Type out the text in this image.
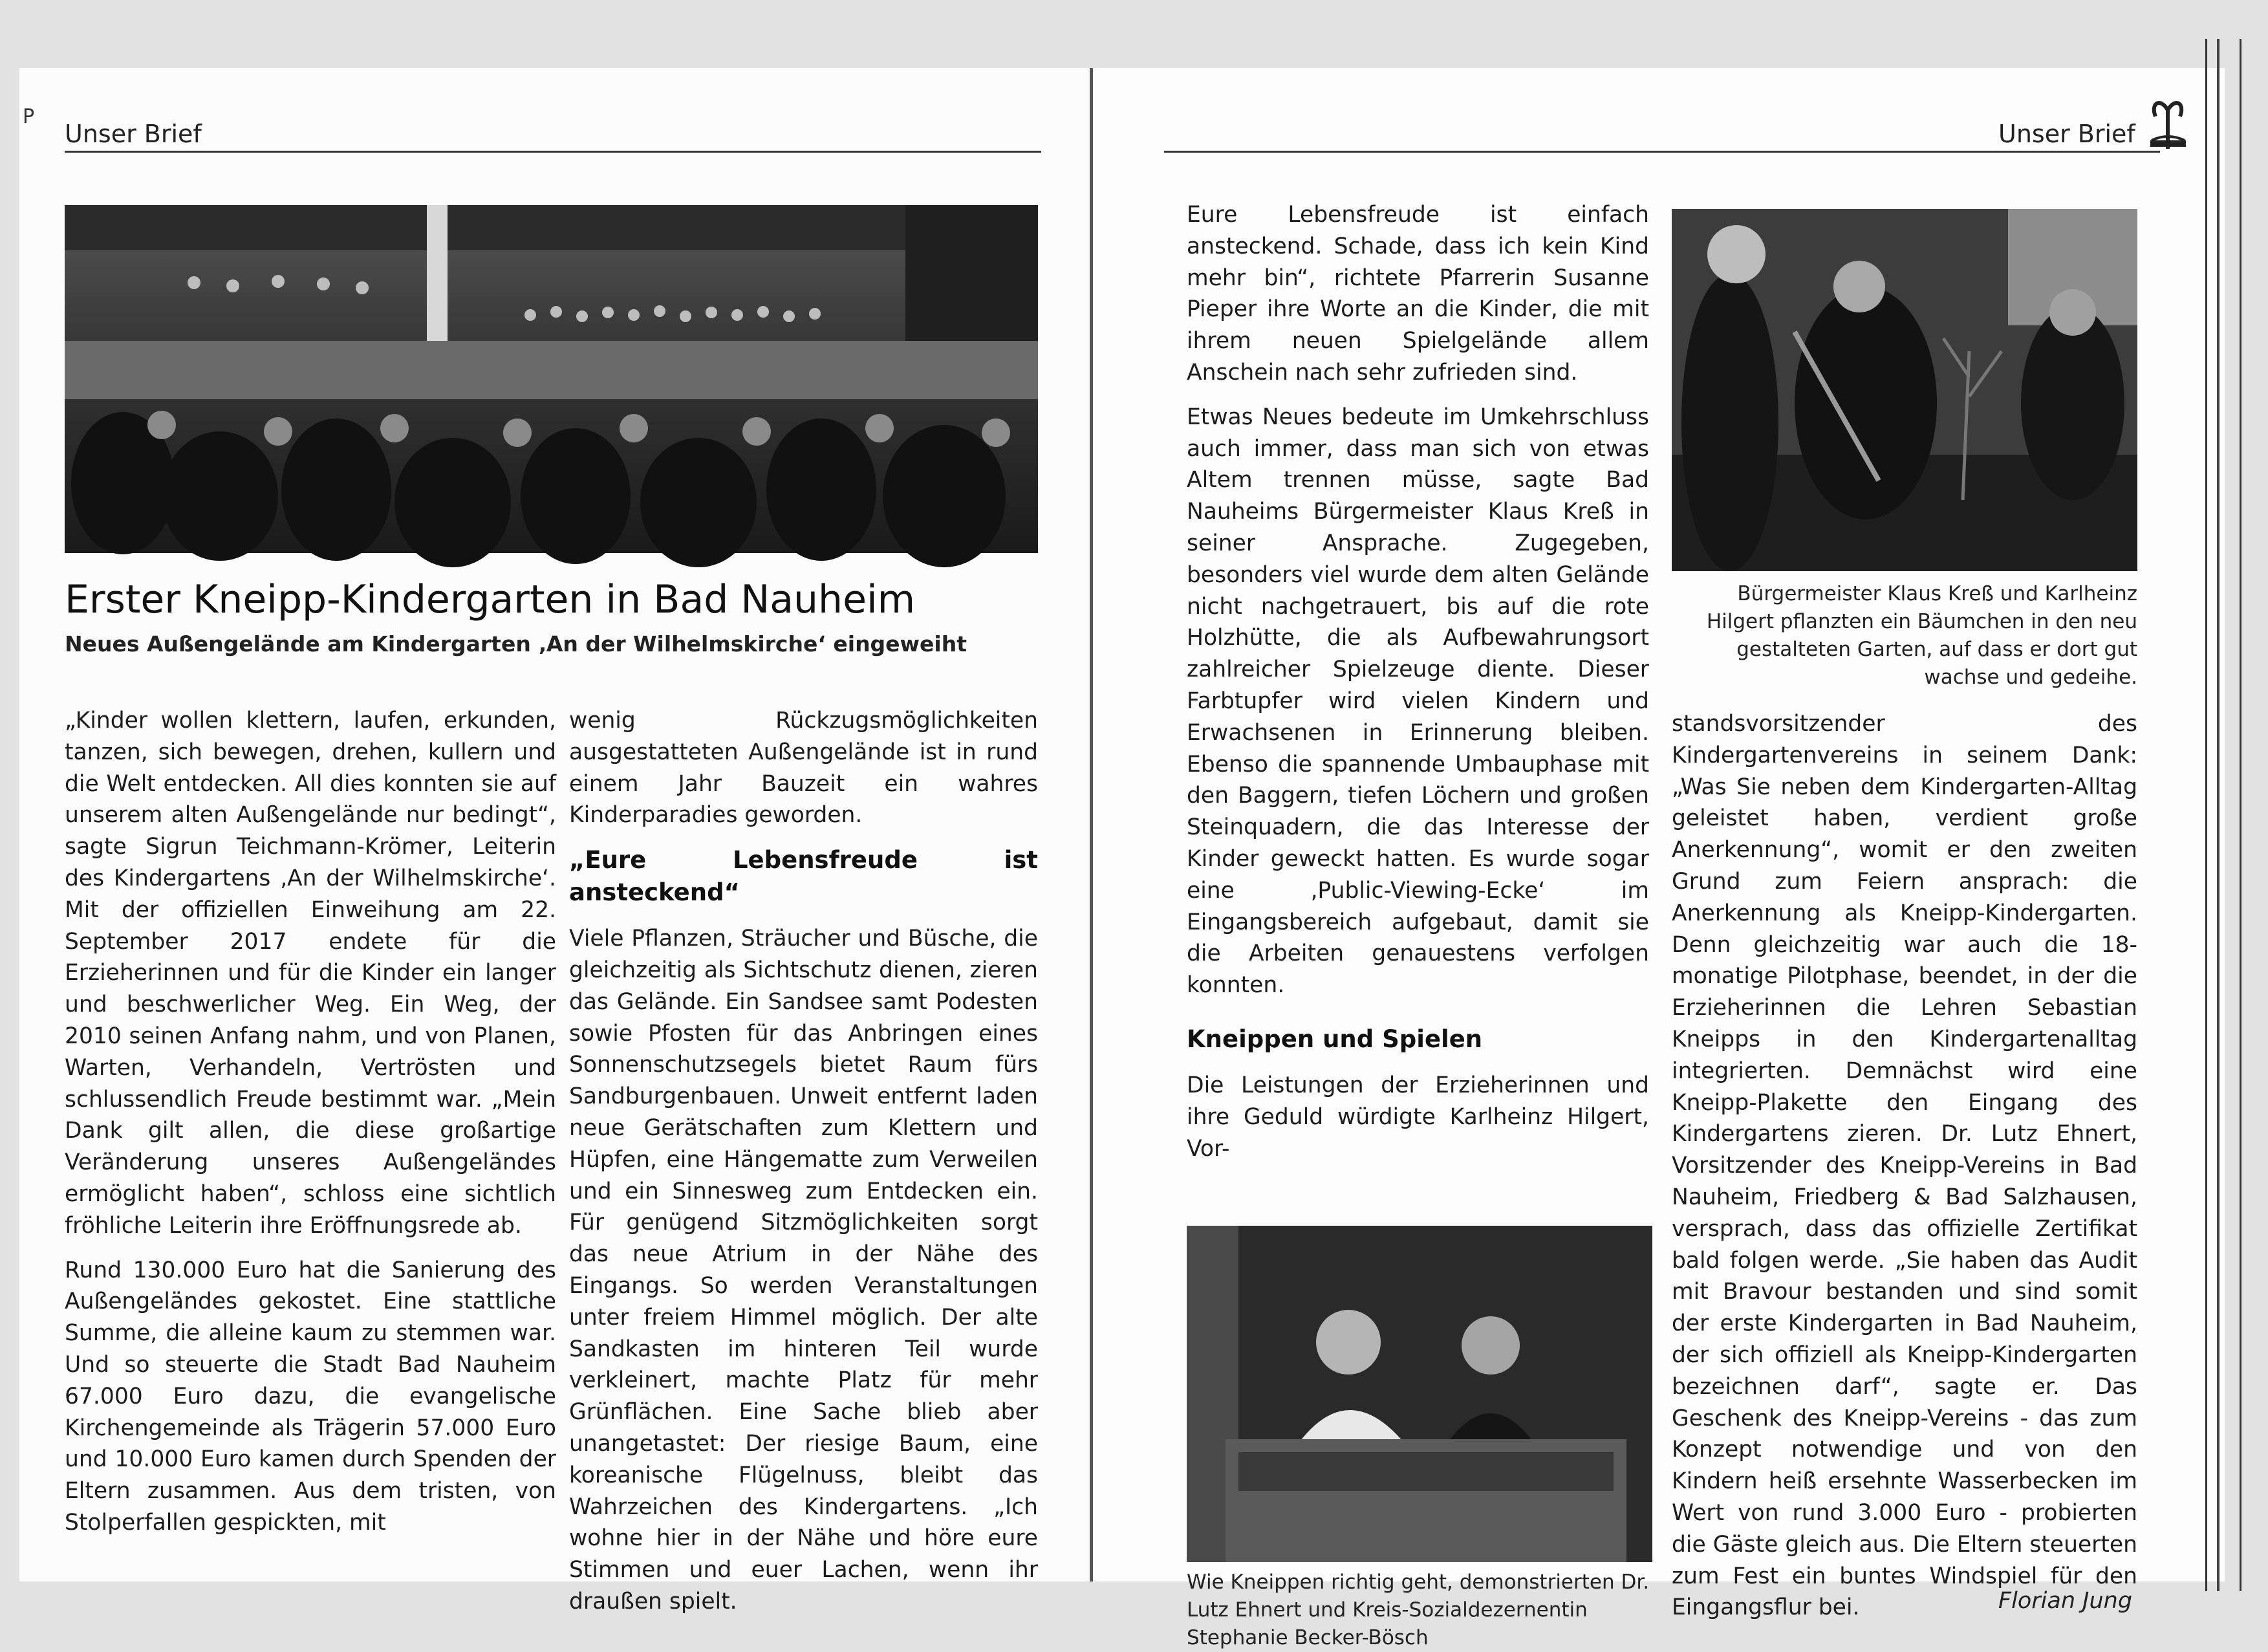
P
Unser Brief
Erster Kneipp-Kindergarten in Bad Nauheim
Neues Außengelände am Kindergarten ‚An der Wilhelmskirche‘ eingeweiht

„Kinder wollen klettern, laufen, erkunden, tanzen, sich bewegen, drehen, kullern und die Welt entdecken. All dies konnten sie auf unserem alten Außengelände nur bedingt“, sagte Sigrun Teichmann-Krömer, Leiterin des Kindergartens ‚An der Wilhelmskirche‘. Mit der offiziellen Einweihung am 22. September 2017 endete für die Erzieherinnen und für die Kinder ein langer und beschwerlicher Weg. Ein Weg, der 2010 seinen Anfang nahm, und von Planen, Warten, Verhandeln, Vertrösten und schlussendlich Freude bestimmt war. „Mein Dank gilt allen, die diese großartige Veränderung unseres Außengeländes ermöglicht haben“, schloss eine sichtlich fröhliche Leiterin ihre Eröffnungsrede ab.

Rund 130.000 Euro hat die Sanierung des Außengeländes gekostet. Eine stattliche Summe, die alleine kaum zu stemmen war. Und so steuerte die Stadt Bad Nauheim 67.000 Euro dazu, die evangelische Kirchengemeinde als Trägerin 57.000 Euro und 10.000 Euro kamen durch Spenden der Eltern zusammen. Aus dem tristen, von Stolperfallen gespickten, mit

wenig Rückzugsmöglichkeiten ausgestatteten Außengelände ist in rund einem Jahr Bauzeit ein wahres Kinderparadies geworden.

„Eure Lebensfreude ist ansteckend“

Viele Pflanzen, Sträucher und Büsche, die gleichzeitig als Sichtschutz dienen, zieren das Gelände. Ein Sandsee samt Podesten sowie Pfosten für das Anbringen eines Sonnenschutzsegels bietet Raum fürs Sandburgenbauen. Unweit entfernt laden neue Gerätschaften zum Klettern und Hüpfen, eine Hängematte zum Verweilen und ein Sinnesweg zum Entdecken ein. Für genügend Sitzmöglichkeiten sorgt das neue Atrium in der Nähe des Eingangs. So werden Veranstaltungen unter freiem Himmel möglich. Der alte Sandkasten im hinteren Teil wurde verkleinert, machte Platz für mehr Grünflächen. Eine Sache blieb aber unangetastet: Der riesige Baum, eine koreanische Flügelnuss, bleibt das Wahrzeichen des Kindergartens. „Ich wohne hier in der Nähe und höre eure Stimmen und euer Lachen, wenn ihr draußen spielt.

Unser Brief

Eure Lebensfreude ist einfach ansteckend. Schade, dass ich kein Kind mehr bin“, richtete Pfarrerin Susanne Pieper ihre Worte an die Kinder, die mit ihrem neuen Spielgelände allem Anschein nach sehr zufrieden sind.

Etwas Neues bedeute im Umkehrschluss auch immer, dass man sich von etwas Altem trennen müsse, sagte Bad Nauheims Bürgermeister Klaus Kreß in seiner Ansprache. Zugegeben, besonders viel wurde dem alten Gelände nicht nachgetrauert, bis auf die rote Holzhütte, die als Aufbewahrungsort zahlreicher Spielzeuge diente. Dieser Farbtupfer wird vielen Kindern und Erwachsenen in Erinnerung bleiben. Ebenso die spannende Umbauphase mit den Baggern, tiefen Löchern und großen Steinquadern, die das Interesse der Kinder geweckt hatten. Es wurde sogar eine ‚Public-Viewing-Ecke‘ im Eingangsbereich aufgebaut, damit sie die Arbeiten genauestens verfolgen konnten.

Kneippen und Spielen

Die Leistungen der Erzieherinnen und ihre Geduld würdigte Karlheinz Hilgert, Vor-

Bürgermeister Klaus Kreß und Karlheinz Hilgert pflanzten ein Bäumchen in den neu gestalteten Garten, auf dass er dort gut wachse und gedeihe.
Wie Kneippen richtig geht, demonstrierten Dr. Lutz Ehnert und Kreis-Sozialdezernentin Stephanie Becker-Bösch

standsvorsitzender des Kindergartenvereins in seinem Dank: „Was Sie neben dem Kindergarten-Alltag geleistet haben, verdient große Anerkennung“, womit er den zweiten Grund zum Feiern ansprach: die Anerkennung als Kneipp-Kindergarten. Denn gleichzeitig war auch die 18-monatige Pilotphase, beendet, in der die Erzieherinnen die Lehren Sebastian Kneipps in den Kindergartenalltag integrierten. Demnächst wird eine Kneipp-Plakette den Eingang des Kindergartens zieren. Dr. Lutz Ehnert, Vorsitzender des Kneipp-Vereins in Bad Nauheim, Friedberg & Bad Salzhausen, versprach, dass das offizielle Zertifikat bald folgen werde. „Sie haben das Audit mit Bravour bestanden und sind somit der erste Kindergarten in Bad Nauheim, der sich offiziell als Kneipp-Kindergarten bezeichnen darf“, sagte er. Das Geschenk des Kneipp-Vereins - das zum Konzept notwendige und von den Kindern heiß ersehnte Wasserbecken im Wert von rund 3.000 Euro - probierten die Gäste gleich aus. Die Eltern steuerten zum Fest ein buntes Windspiel für den Eingangsflur bei.	Florian Jung
